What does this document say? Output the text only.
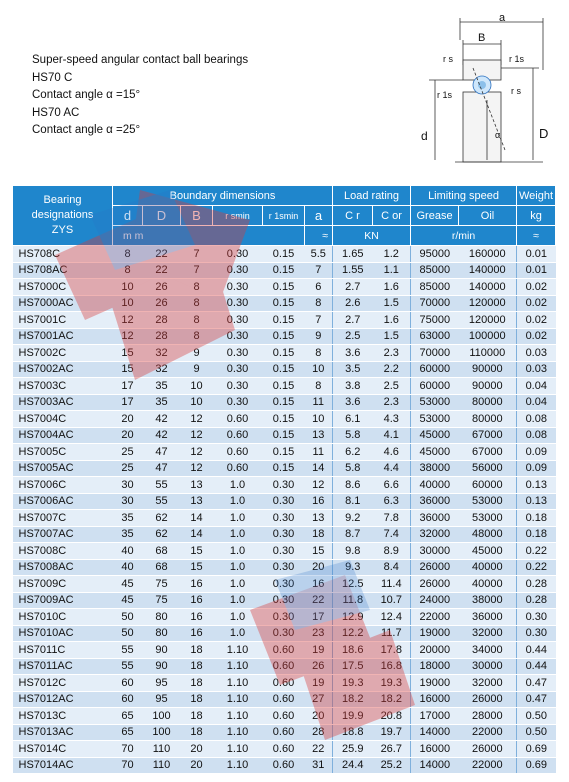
Super-speed angular contact ball bearings
HS70 C
Contact angle α =15°
HS70 AC
Contact angle α =25°
a
B
r s	r 1s
r 1s	r s
d	D
α
Bearing
designations
ZYS	Boundary dimensions						Load rating		Limiting speed		Weight
	d	D	B	r smin	r 1smin	a	C r	C or	Grease	Oil	kg
	m m					≈	KN		r/min		≈
HS708C	8	22	7	0.30	0.15	5.5	1.65	1.2	95000	160000	0.01
HS708AC	8	22	7	0.30	0.15	7	1.55	1.1	85000	140000	0.01
HS7000C	10	26	8	0.30	0.15	6	2.7	1.6	85000	140000	0.02
HS7000AC	10	26	8	0.30	0.15	8	2.6	1.5	70000	120000	0.02
HS7001C	12	28	8	0.30	0.15	7	2.7	1.6	75000	120000	0.02
HS7001AC	12	28	8	0.30	0.15	9	2.5	1.5	63000	100000	0.02
HS7002C	15	32	9	0.30	0.15	8	3.6	2.3	70000	110000	0.03
HS7002AC	15	32	9	0.30	0.15	10	3.5	2.2	60000	90000	0.03
HS7003C	17	35	10	0.30	0.15	8	3.8	2.5	60000	90000	0.04
HS7003AC	17	35	10	0.30	0.15	11	3.6	2.3	53000	80000	0.04
HS7004C	20	42	12	0.60	0.15	10	6.1	4.3	53000	80000	0.08
HS7004AC	20	42	12	0.60	0.15	13	5.8	4.1	45000	67000	0.08
HS7005C	25	47	12	0.60	0.15	11	6.2	4.6	45000	67000	0.09
HS7005AC	25	47	12	0.60	0.15	14	5.8	4.4	38000	56000	0.09
HS7006C	30	55	13	1.0	0.30	12	8.6	6.6	40000	60000	0.13
HS7006AC	30	55	13	1.0	0.30	16	8.1	6.3	36000	53000	0.13
HS7007C	35	62	14	1.0	0.30	13	9.2	7.8	36000	53000	0.18
HS7007AC	35	62	14	1.0	0.30	18	8.7	7.4	32000	48000	0.18
HS7008C	40	68	15	1.0	0.30	15	9.8	8.9	30000	45000	0.22
HS7008AC	40	68	15	1.0	0.30	20	9.3	8.4	26000	40000	0.22
HS7009C	45	75	16	1.0	0.30	16	12.5	11.4	26000	40000	0.28
HS7009AC	45	75	16	1.0	0.30	22	11.8	10.7	24000	38000	0.28
HS7010C	50	80	16	1.0	0.30	17	12.9	12.4	22000	36000	0.30
HS7010AC	50	80	16	1.0	0.30	23	12.2	11.7	19000	32000	0.30
HS7011C	55	90	18	1.10	0.60	19	18.6	17.8	20000	34000	0.44
HS7011AC	55	90	18	1.10	0.60	26	17.5	16.8	18000	30000	0.44
HS7012C	60	95	18	1.10	0.60	19	19.3	19.3	19000	32000	0.47
HS7012AC	60	95	18	1.10	0.60	27	18.2	18.2	16000	26000	0.47
HS7013C	65	100	18	1.10	0.60	20	19.9	20.8	17000	28000	0.50
HS7013AC	65	100	18	1.10	0.60	28	18.8	19.7	14000	22000	0.50
HS7014C	70	110	20	1.10	0.60	22	25.9	26.7	16000	26000	0.69
HS7014AC	70	110	20	1.10	0.60	31	24.4	25.2	14000	22000	0.69
